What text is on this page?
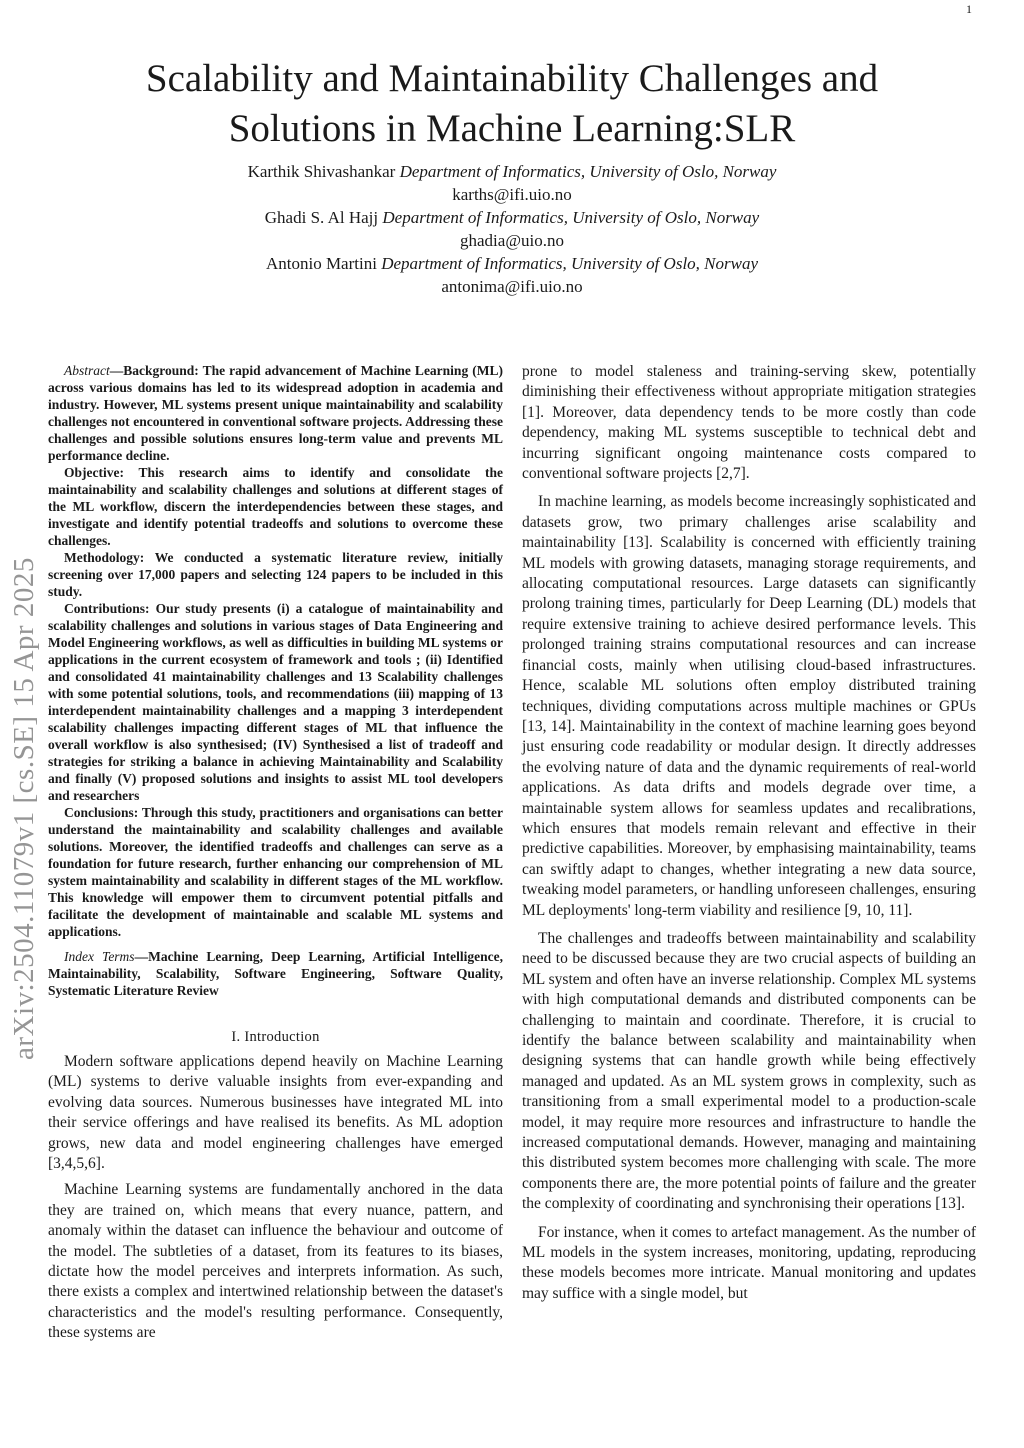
1
Scalability and Maintainability Challenges and
Solutions in Machine Learning:SLR
Karthik Shivashankar Department of Informatics, University of Oslo, Norway
karths@ifi.uio.no
Ghadi S. Al Hajj Department of Informatics, University of Oslo, Norway
ghadia@uio.no
Antonio Martini Department of Informatics, University of Oslo, Norway
antonima@ifi.uio.no
arXiv:2504.11079v1 [cs.SE] 15 Apr 2025

Abstract—Background: The rapid advancement of Machine Learning (ML) across various domains has led to its widespread adoption in academia and industry. However, ML systems present unique maintainability and scalability challenges not encountered in conventional software projects. Addressing these challenges and possible solutions ensures long-term value and prevents ML performance decline.

Objective: This research aims to identify and consolidate the maintainability and scalability challenges and solutions at different stages of the ML workflow, discern the interdependencies between these stages, and investigate and identify potential tradeoffs and solutions to overcome these challenges.

Methodology: We conducted a systematic literature review, initially screening over 17,000 papers and selecting 124 papers to be included in this study.

Contributions: Our study presents (i) a catalogue of maintainability and scalability challenges and solutions in various stages of Data Engineering and Model Engineering workflows, as well as difficulties in building ML systems or applications in the current ecosystem of framework and tools ; (ii) Identified and consolidated 41 maintainability challenges and 13 Scalability challenges with some potential solutions, tools, and recommendations (iii) mapping of 13 interdependent maintainability challenges and a mapping 3 interdependent scalability challenges impacting different stages of ML that influence the overall workflow is also synthesised; (IV) Synthesised a list of tradeoff and strategies for striking a balance in achieving Maintainability and Scalability and finally (V) proposed solutions and insights to assist ML tool developers and researchers

Conclusions: Through this study, practitioners and organisations can better understand the maintainability and scalability challenges and available solutions. Moreover, the identified tradeoffs and challenges can serve as a foundation for future research, further enhancing our comprehension of ML system maintainability and scalability in different stages of the ML workflow. This knowledge will empower them to circumvent potential pitfalls and facilitate the development of maintainable and scalable ML systems and applications.

Index Terms—Machine Learning, Deep Learning, Artificial Intelligence, Maintainability, Scalability, Software Engineering, Software Quality, Systematic Literature Review

I. Introduction

Modern software applications depend heavily on Machine Learning (ML) systems to derive valuable insights from ever-expanding and evolving data sources. Numerous businesses have integrated ML into their service offerings and have realised its benefits. As ML adoption grows, new data and model engineering challenges have emerged [3,4,5,6].

Machine Learning systems are fundamentally anchored in the data they are trained on, which means that every nuance, pattern, and anomaly within the dataset can influence the behaviour and outcome of the model. The subtleties of a dataset, from its features to its biases, dictate how the model perceives and interprets information. As such, there exists a complex and intertwined relationship between the dataset's characteristics and the model's resulting performance. Consequently, these systems are

prone to model staleness and training-serving skew, potentially diminishing their effectiveness without appropriate mitigation strategies [1]. Moreover, data dependency tends to be more costly than code dependency, making ML systems susceptible to technical debt and incurring significant ongoing maintenance costs compared to conventional software projects [2,7].

In machine learning, as models become increasingly sophisticated and datasets grow, two primary challenges arise scalability and maintainability [13]. Scalability is concerned with efficiently training ML models with growing datasets, managing storage requirements, and allocating computational resources. Large datasets can significantly prolong training times, particularly for Deep Learning (DL) models that require extensive training to achieve desired performance levels. This prolonged training strains computational resources and can increase financial costs, mainly when utilising cloud-based infrastructures. Hence, scalable ML solutions often employ distributed training techniques, dividing computations across multiple machines or GPUs [13, 14]. Maintainability in the context of machine learning goes beyond just ensuring code readability or modular design. It directly addresses the evolving nature of data and the dynamic requirements of real-world applications. As data drifts and models degrade over time, a maintainable system allows for seamless updates and recalibrations, which ensures that models remain relevant and effective in their predictive capabilities. Moreover, by emphasising maintainability, teams can swiftly adapt to changes, whether integrating a new data source, tweaking model parameters, or handling unforeseen challenges, ensuring ML deployments' long-term viability and resilience [9, 10, 11].

The challenges and tradeoffs between maintainability and scalability need to be discussed because they are two crucial aspects of building an ML system and often have an inverse relationship. Complex ML systems with high computational demands and distributed components can be challenging to maintain and coordinate. Therefore, it is crucial to identify the balance between scalability and maintainability when designing systems that can handle growth while being effectively managed and updated. As an ML system grows in complexity, such as transitioning from a small experimental model to a production-scale model, it may require more resources and infrastructure to handle the increased computational demands. However, managing and maintaining this distributed system becomes more challenging with scale. The more components there are, the more potential points of failure and the greater the complexity of coordinating and synchronising their operations [13].

For instance, when it comes to artefact management. As the number of ML models in the system increases, monitoring, updating, reproducing these models becomes more intricate. Manual monitoring and updates may suffice with a single model, but
